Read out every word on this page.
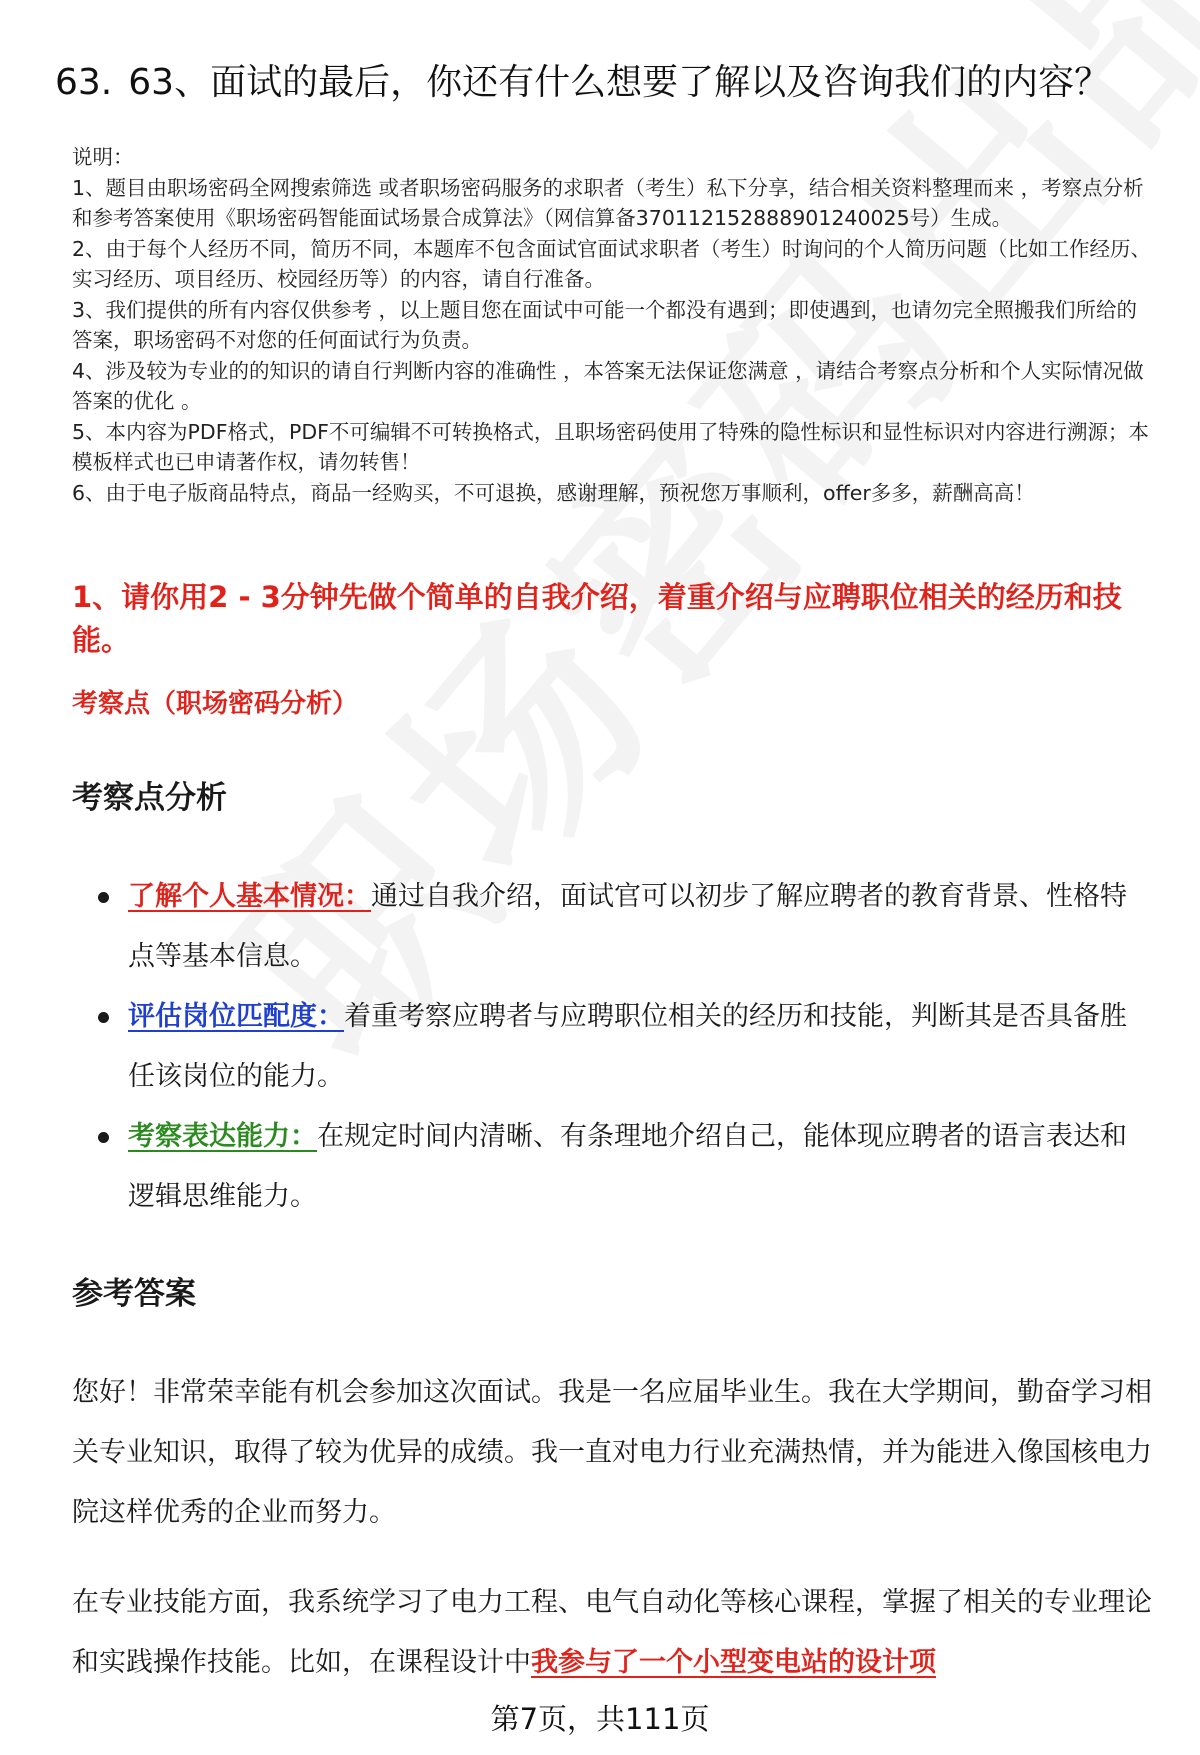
63. 63、面试的最后，你还有什么想要了解以及咨询我们的内容？

说明：

1、题目由职场密码全网搜索筛选 或者职场密码服务的求职者（考生）私下分享，结合相关资料整理而来 ，考察点分析和参考答案使用《职场密码智能面试场景合成算法》（网信算备370112152888901240025号）生成。

2、由于每个人经历不同，简历不同，本题库不包含面试官面试求职者（考生）时询问的个人简历问题（比如工作经历、实习经历、项目经历、校园经历等）的内容，请自行准备。

3、我们提供的所有内容仅供参考 ，以上题目您在面试中可能一个都没有遇到；即使遇到，也请勿完全照搬我们所给的答案，职场密码不对您的任何面试行为负责。

4、涉及较为专业的的知识的请自行判断内容的准确性 ，本答案无法保证您满意 ，请结合考察点分析和个人实际情况做答案的优化 。

5、本内容为PDF格式，PDF不可编辑不可转换格式，且职场密码使用了特殊的隐性标识和显性标识对内容进行溯源；本模板样式也已申请著作权，请勿转售！

6、由于电子版商品特点，商品一经购买，不可退换，感谢理解，预祝您万事顺利，offer多多，薪酬高高！

1、请你用2 - 3分钟先做个简单的自我介绍，着重介绍与应聘职位相关的经历和技能。
考察点（职场密码分析）
考察点分析
了解个人基本情况：通过自我介绍，面试官可以初步了解应聘者的教育背景、性格特点等基本信息。
评估岗位匹配度：着重考察应聘者与应聘职位相关的经历和技能，判断其是否具备胜任该岗位的能力。
考察表达能力：在规定时间内清晰、有条理地介绍自己，能体现应聘者的语言表达和逻辑思维能力。
参考答案

您好！非常荣幸能有机会参加这次面试。我是一名应届毕业生。我在大学期间，勤奋学习相关专业知识，取得了较为优异的成绩。我一直对电力行业充满热情，并为能进入像国核电力院这样优秀的企业而努力。

在专业技能方面，我系统学习了电力工程、电气自动化等核心课程，掌握了相关的专业理论和实践操作技能。比如，在课程设计中我参与了一个小型变电站的设计项

第7页，共111页
